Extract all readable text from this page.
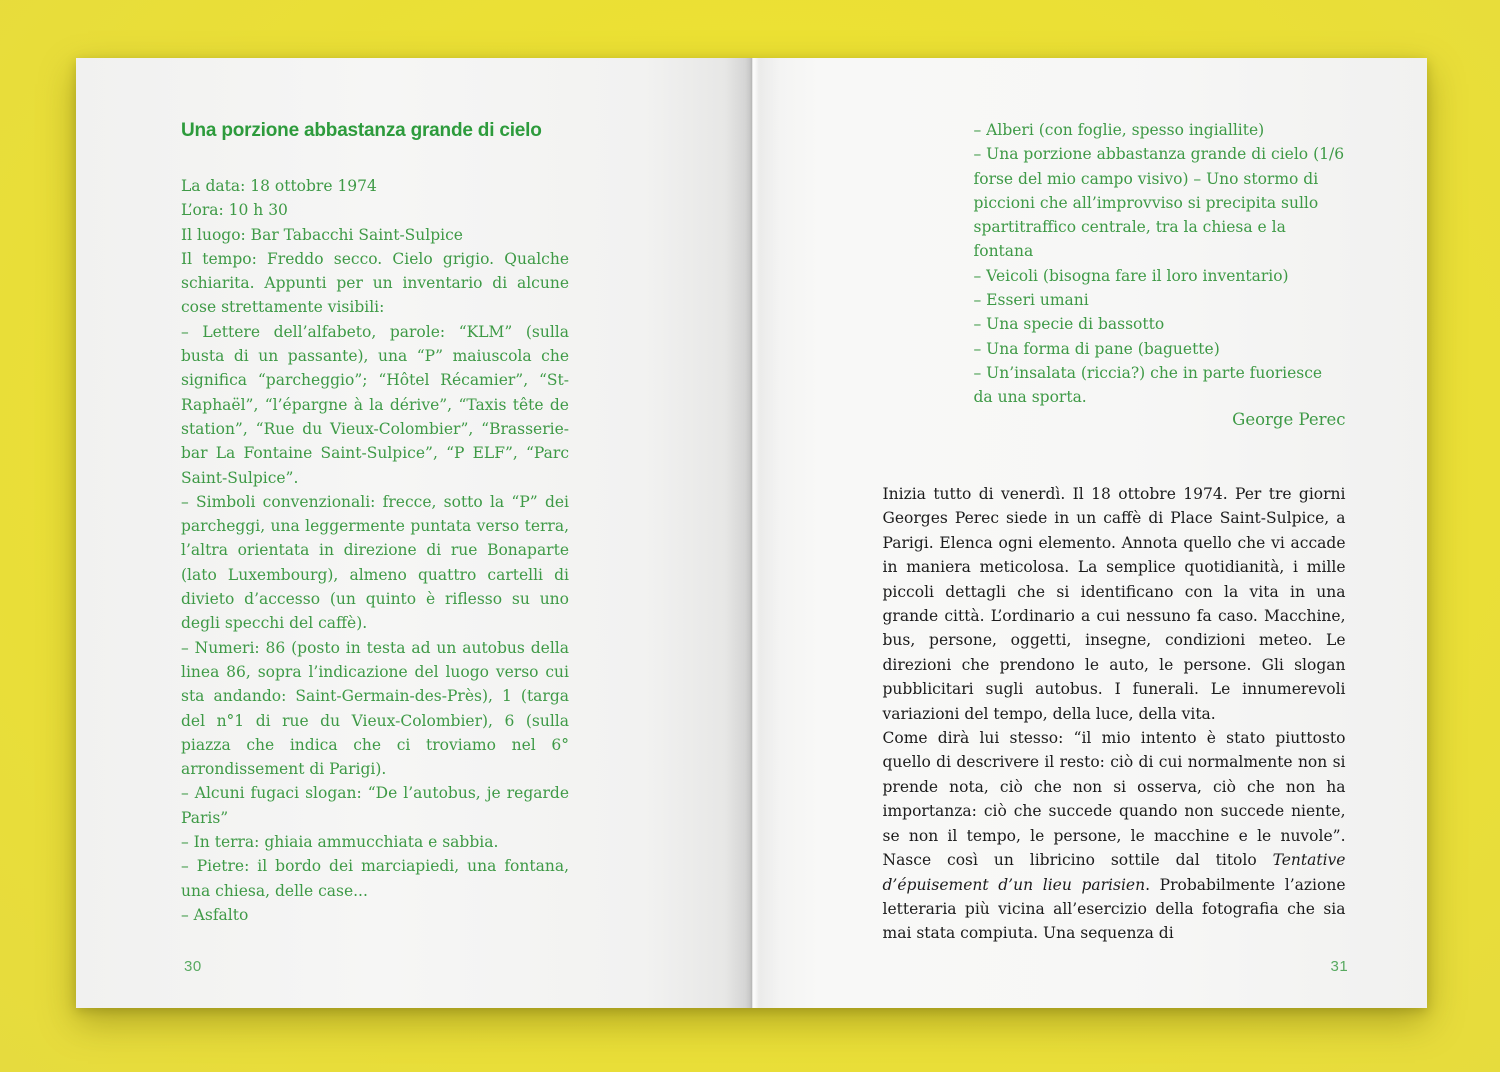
Una porzione abbastanza grande di cielo

La data: 18 ottobre 1974

L’ora: 10 h 30

Il luogo: Bar Tabacchi Saint-Sulpice

Il tempo: Freddo secco. Cielo grigio. Qualche schiarita. Appunti per un inventario di alcune cose strettamente visibili:

– Lettere dell’alfabeto, parole: “KLM” (sulla busta di un passante), una “P” maiuscola che significa “parcheggio”; “Hôtel Récamier”, “St-Raphaël”, “l’épargne à la dérive”, “Taxis tête de station”, “Rue du Vieux-Colombier”, “Brasserie-bar La Fontaine Saint-Sulpice”, “P ELF”, “Parc Saint-Sulpice”.

– Simboli convenzionali: frecce, sotto la “P” dei parcheggi, una leggermente puntata verso terra, l’altra orientata in direzione di rue Bonaparte (lato Luxembourg), almeno quattro cartelli di divieto d’accesso (un quinto è riflesso su uno degli specchi del caffè).

– Numeri: 86 (posto in testa ad un autobus della linea 86, sopra l’indicazione del luogo verso cui sta andando: Saint-Germain-des-Près), 1 (targa del n°1 di rue du Vieux-Colombier), 6 (sulla piazza che indica che ci troviamo nel 6° arrondissement di Parigi).

– Alcuni fugaci slogan: “De l’autobus, je regarde Paris”

– In terra: ghiaia ammucchiata e sabbia.

– Pietre: il bordo dei marciapiedi, una fontana, una chiesa, delle case...

– Asfalto

30

– Alberi (con foglie, spesso ingiallite)

– Una porzione abbastanza grande di cielo (1/6 forse del mio campo visivo) – Uno stormo di piccioni che all’improvviso si precipita sullo spartitraffico centrale, tra la chiesa e la fontana

– Veicoli (bisogna fare il loro inventario)

– Esseri umani

– Una specie di bassotto

– Una forma di pane (baguette)

– Un’insalata (riccia?) che in parte fuoriesce da una sporta.

George Perec

Inizia tutto di venerdì. Il 18 ottobre 1974. Per tre giorni Georges Perec siede in un caffè di Place Saint-Sulpice, a Parigi. Elenca ogni elemento. Annota quello che vi accade in maniera meticolosa. La semplice quotidianità, i mille piccoli dettagli che si identificano con la vita in una grande città. L’ordinario a cui nessuno fa caso. Macchine, bus, persone, oggetti, insegne, condizioni meteo. Le direzioni che prendono le auto, le persone. Gli slogan pubblicitari sugli autobus. I funerali. Le innumerevoli variazioni del tempo, della luce, della vita.

Come dirà lui stesso: “il mio intento è stato piuttosto quello di descrivere il resto: ciò di cui normalmente non si prende nota, ciò che non si osserva, ciò che non ha importanza: ciò che succede quando non succede niente, se non il tempo, le persone, le macchine e le nuvole”. Nasce così un libricino sottile dal titolo Tentative d’épuisement d’un lieu parisien. Probabilmente l’azione letteraria più vicina all’esercizio della fotografia che sia mai stata compiuta. Una sequenza di

31
